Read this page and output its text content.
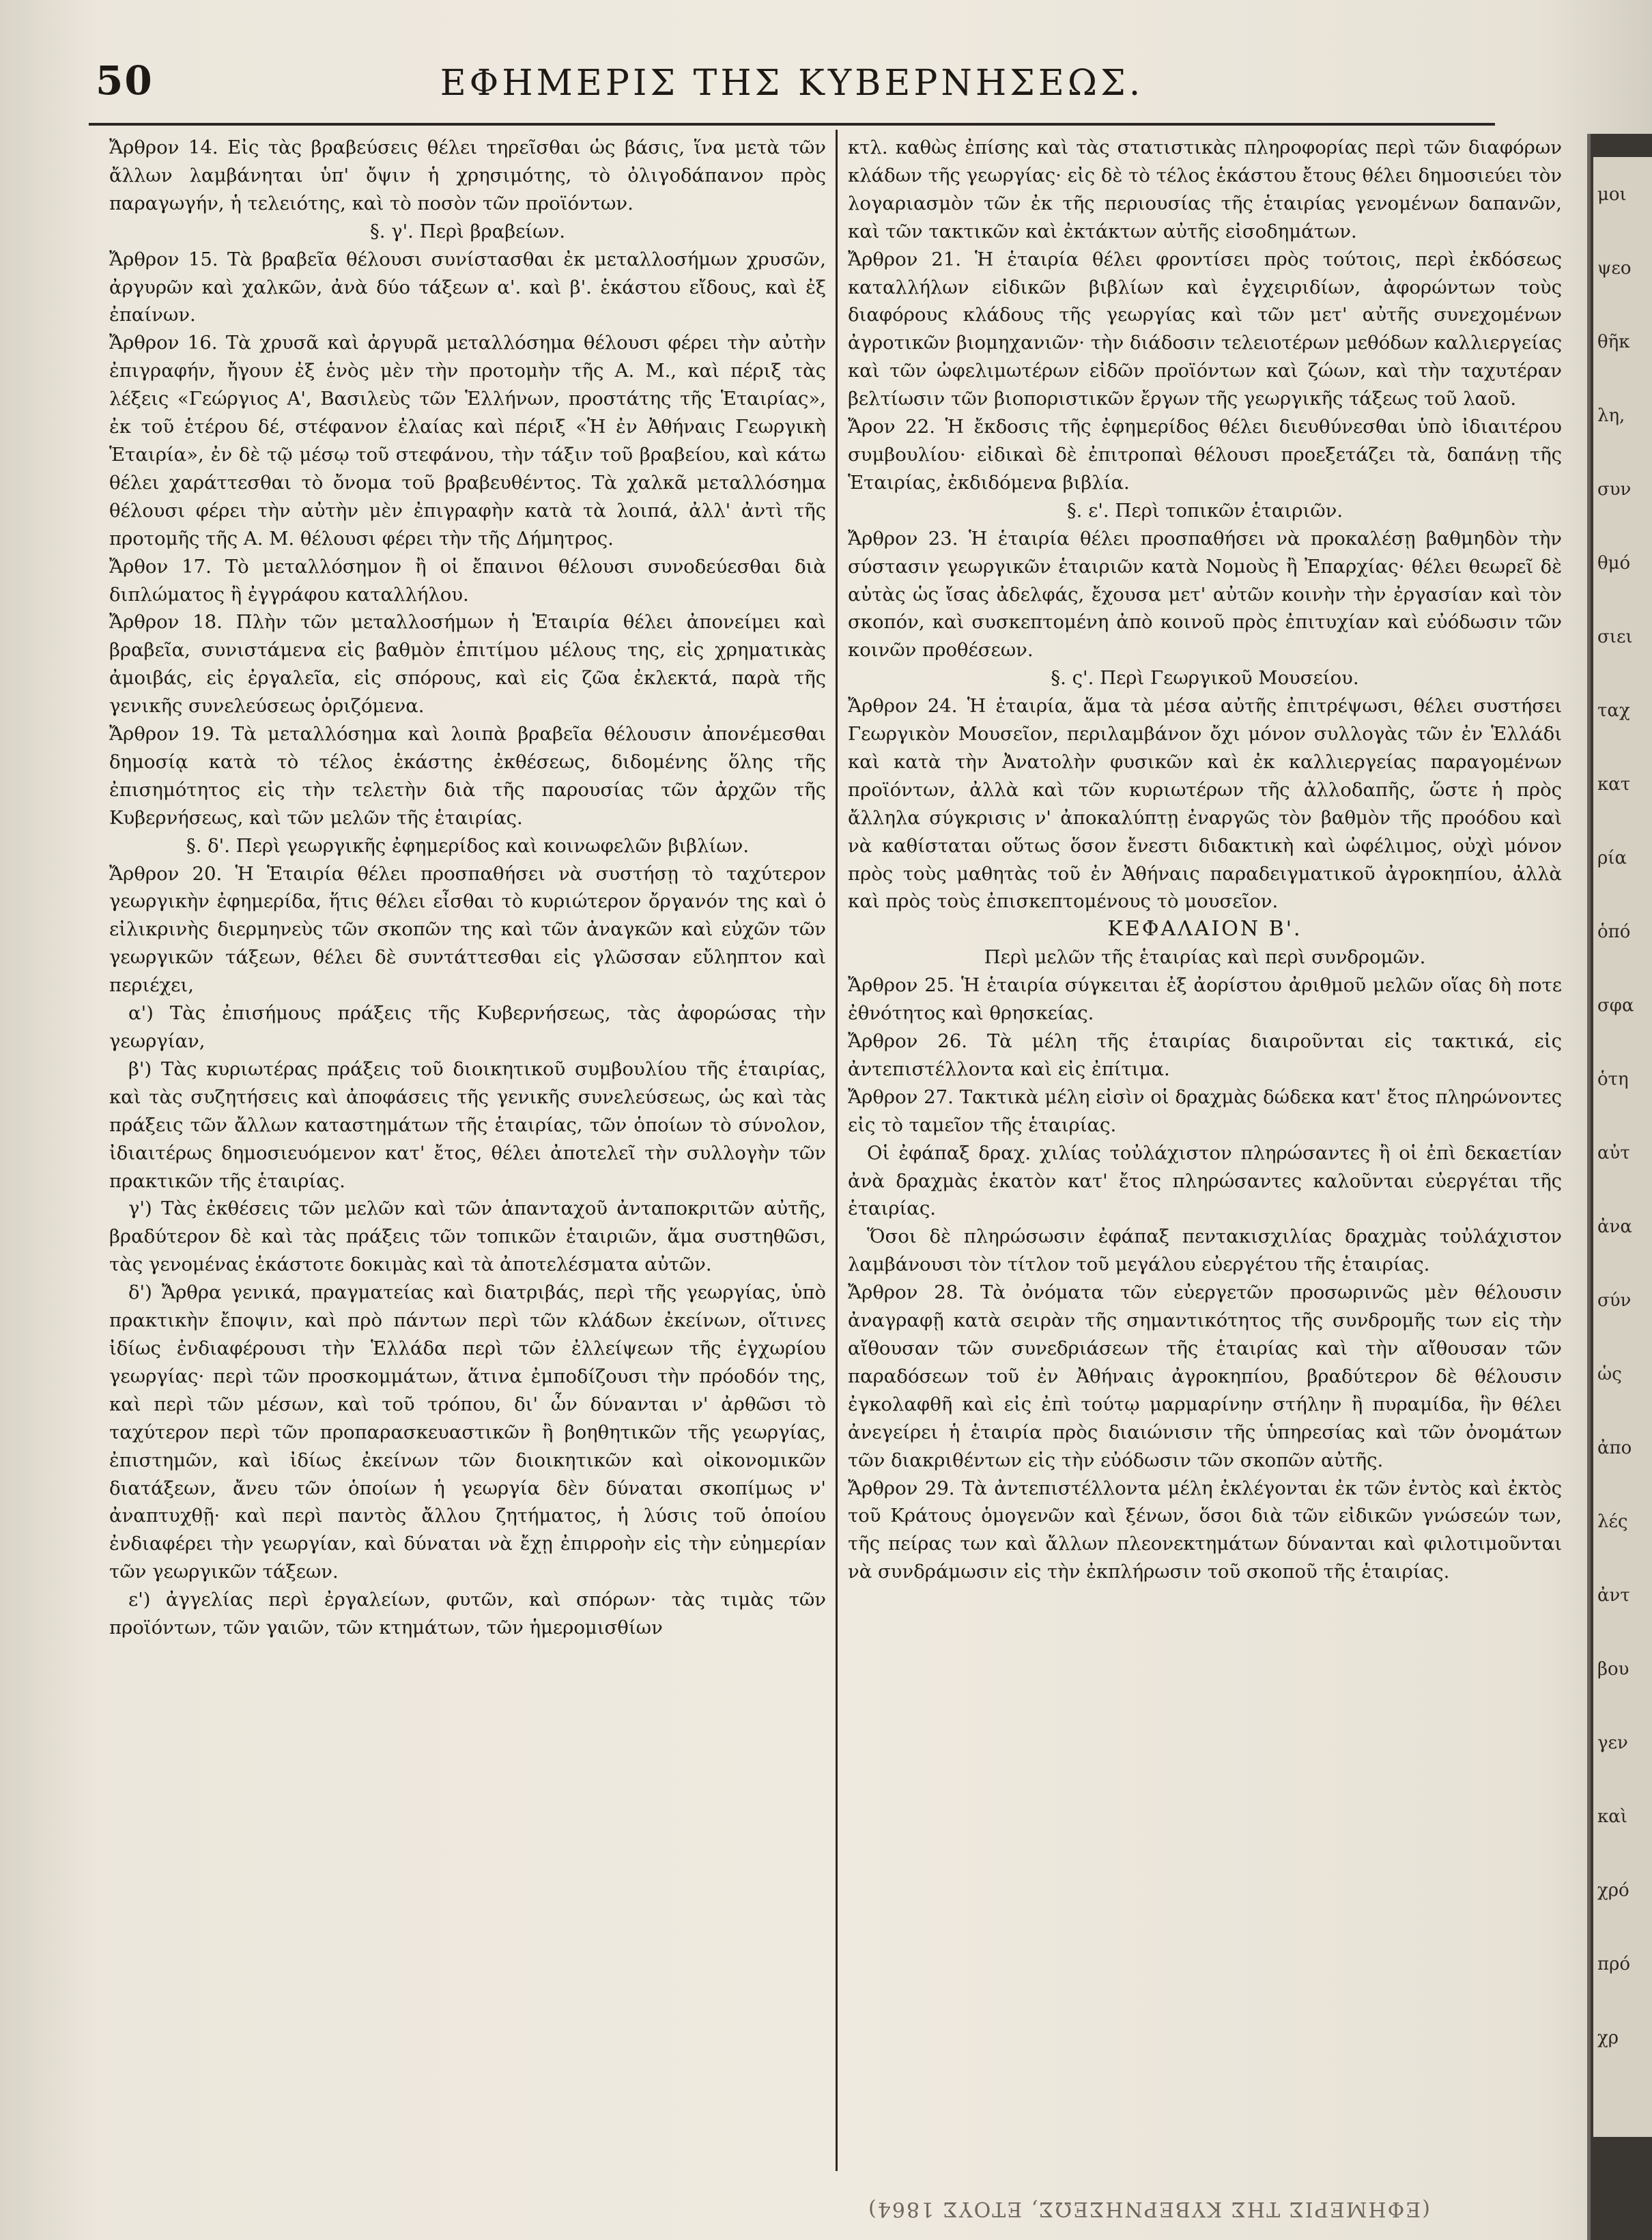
50	ΕΦΗΜΕΡΙΣ ΤΗΣ ΚΥΒΕΡΝΗΣΕΩΣ.

Ἄρθρον 14. Εἰς τὰς βραβεύσεις θέλει τηρεῖσθαι ὡς βάσις, ἵνα μετὰ τῶν ἄλλων λαμβάνηται ὑπ' ὄψιν ἡ χρησιμότης, τὸ ὀλιγοδάπανον πρὸς παραγωγήν, ἡ τελειότης, καὶ τὸ ποσὸν τῶν προϊόντων.

§. γ'. Περὶ βραβείων.

Ἄρθρον 15. Τὰ βραβεῖα θέλουσι συνίστασθαι ἐκ μεταλλοσήμων χρυσῶν, ἀργυρῶν καὶ χαλκῶν, ἀνὰ δύο τάξεων α'. καὶ β'. ἑκάστου εἴδους, καὶ ἐξ ἐπαίνων.

Ἄρθρον 16. Τὰ χρυσᾶ καὶ ἀργυρᾶ μεταλλόσημα θέλουσι φέρει τὴν αὐτὴν ἐπιγραφήν, ἤγουν ἐξ ἑνὸς μὲν τὴν προτομὴν τῆς Α. Μ., καὶ πέριξ τὰς λέξεις «Γεώργιος Α', Βασιλεὺς τῶν Ἑλλήνων, προστάτης τῆς Ἑταιρίας», ἐκ τοῦ ἑτέρου δέ, στέφανον ἐλαίας καὶ πέριξ «Ἡ ἐν Ἀθήναις Γεωργικὴ Ἑταιρία», ἐν δὲ τῷ μέσῳ τοῦ στεφάνου, τὴν τάξιν τοῦ βραβείου, καὶ κάτω θέλει χαράττεσθαι τὸ ὄνομα τοῦ βραβευθέντος. Τὰ χαλκᾶ μεταλλόσημα θέλουσι φέρει τὴν αὐτὴν μὲν ἐπιγραφὴν κατὰ τὰ λοιπά, ἀλλ' ἀντὶ τῆς προτομῆς τῆς Α. Μ. θέλουσι φέρει τὴν τῆς Δήμητρος.

Ἄρθον 17. Τὸ μεταλλόσημον ἢ οἱ ἔπαινοι θέλουσι συνοδεύεσθαι διὰ διπλώματος ἢ ἐγγράφου καταλλήλου.

Ἄρθρον 18. Πλὴν τῶν μεταλλοσήμων ἡ Ἑταιρία θέλει ἀπονείμει καὶ βραβεῖα, συνιστάμενα εἰς βαθμὸν ἐπιτίμου μέλους της, εἰς χρηματικὰς ἀμοιβάς, εἰς ἐργαλεῖα, εἰς σπόρους, καὶ εἰς ζῶα ἐκλεκτά, παρὰ τῆς γενικῆς συνελεύσεως ὁριζόμενα.

Ἄρθρον 19. Τὰ μεταλλόσημα καὶ λοιπὰ βραβεῖα θέλουσιν ἀπονέμεσθαι δημοσίᾳ κατὰ τὸ τέλος ἑκάστης ἐκθέσεως, διδομένης ὅλης τῆς ἐπισημότητος εἰς τὴν τελετὴν διὰ τῆς παρουσίας τῶν ἀρχῶν τῆς Κυβερνήσεως, καὶ τῶν μελῶν τῆς ἑταιρίας.

§. δ'. Περὶ γεωργικῆς ἐφημερίδος καὶ κοινωφελῶν βιβλίων.

Ἄρθρον 20. Ἡ Ἑταιρία θέλει προσπαθήσει νὰ συστήσῃ τὸ ταχύτερον γεωργικὴν ἐφημερίδα, ἥτις θέλει εἶσθαι τὸ κυριώτερον ὄργανόν της καὶ ὁ εἰλικρινὴς διερμηνεὺς τῶν σκοπῶν της καὶ τῶν ἀναγκῶν καὶ εὐχῶν τῶν γεωργικῶν τάξεων, θέλει δὲ συντάττεσθαι εἰς γλῶσσαν εὔληπτον καὶ περιέχει,

α') Τὰς ἐπισήμους πράξεις τῆς Κυβερνήσεως, τὰς ἀφορώσας τὴν γεωργίαν,

β') Τὰς κυριωτέρας πράξεις τοῦ διοικητικοῦ συμβουλίου τῆς ἑταιρίας, καὶ τὰς συζητήσεις καὶ ἀποφάσεις τῆς γενικῆς συνελεύσεως, ὡς καὶ τὰς πράξεις τῶν ἄλλων καταστημάτων τῆς ἑταιρίας, τῶν ὁποίων τὸ σύνολον, ἰδιαιτέρως δημοσιευόμενον κατ' ἔτος, θέλει ἀποτελεῖ τὴν συλλογὴν τῶν πρακτικῶν τῆς ἑταιρίας.

γ') Τὰς ἐκθέσεις τῶν μελῶν καὶ τῶν ἁπανταχοῦ ἀνταποκριτῶν αὐτῆς, βραδύτερον δὲ καὶ τὰς πράξεις τῶν τοπικῶν ἑταιριῶν, ἅμα συστηθῶσι, τὰς γενομένας ἑκάστοτε δοκιμὰς καὶ τὰ ἀποτελέσματα αὐτῶν.

δ') Ἄρθρα γενικά, πραγματείας καὶ διατριβάς, περὶ τῆς γεωργίας, ὑπὸ πρακτικὴν ἔποψιν, καὶ πρὸ πάντων περὶ τῶν κλάδων ἐκείνων, οἵτινες ἰδίως ἐνδιαφέρουσι τὴν Ἑλλάδα περὶ τῶν ἐλλείψεων τῆς ἐγχωρίου γεωργίας· περὶ τῶν προσκομμάτων, ἅτινα ἐμποδίζουσι τὴν πρόοδόν της, καὶ περὶ τῶν μέσων, καὶ τοῦ τρόπου, δι' ὧν δύνανται ν' ἀρθῶσι τὸ ταχύτερον περὶ τῶν προπαρασκευαστικῶν ἢ βοηθητικῶν τῆς γεωργίας, ἐπιστημῶν, καὶ ἰδίως ἐκείνων τῶν διοικητικῶν καὶ οἰκονομικῶν διατάξεων, ἄνευ τῶν ὁποίων ἡ γεωργία δὲν δύναται σκοπίμως ν' ἀναπτυχθῇ· καὶ περὶ παντὸς ἄλλου ζητήματος, ἡ λύσις τοῦ ὁποίου ἐνδιαφέρει τὴν γεωργίαν, καὶ δύναται νὰ ἔχῃ ἐπιρροὴν εἰς τὴν εὐημερίαν τῶν γεωργικῶν τάξεων.

ε') ἀγγελίας περὶ ἐργαλείων, φυτῶν, καὶ σπόρων· τὰς τιμὰς τῶν προϊόντων, τῶν γαιῶν, τῶν κτημάτων, τῶν ἡμερομισθίων

κτλ. καθὼς ἐπίσης καὶ τὰς στατιστικὰς πληροφορίας περὶ τῶν διαφόρων κλάδων τῆς γεωργίας· εἰς δὲ τὸ τέλος ἑκάστου ἔτους θέλει δημοσιεύει τὸν λογαριασμὸν τῶν ἐκ τῆς περιουσίας τῆς ἑταιρίας γενομένων δαπανῶν, καὶ τῶν τακτικῶν καὶ ἐκτάκτων αὐτῆς εἰσοδημάτων.

Ἄρθρον 21. Ἡ ἑταιρία θέλει φροντίσει πρὸς τούτοις, περὶ ἐκδόσεως καταλλήλων εἰδικῶν βιβλίων καὶ ἐγχειριδίων, ἀφορώντων τοὺς διαφόρους κλάδους τῆς γεωργίας καὶ τῶν μετ' αὐτῆς συνεχομένων ἀγροτικῶν βιομηχανιῶν· τὴν διάδοσιν τελειοτέρων μεθόδων καλλιεργείας καὶ τῶν ὠφελιμωτέρων εἰδῶν προϊόντων καὶ ζώων, καὶ τὴν ταχυτέραν βελτίωσιν τῶν βιοποριστικῶν ἔργων τῆς γεωργικῆς τάξεως τοῦ λαοῦ.

Ἄρον 22. Ἡ ἔκδοσις τῆς ἐφημερίδος θέλει διευθύνεσθαι ὑπὸ ἰδιαιτέρου συμβουλίου· εἰδικαὶ δὲ ἐπιτροπαὶ θέλουσι προεξετάζει τὰ, δαπάνῃ τῆς Ἑταιρίας, ἐκδιδόμενα βιβλία.

§. ε'. Περὶ τοπικῶν ἑταιριῶν.

Ἄρθρον 23. Ἡ ἑταιρία θέλει προσπαθήσει νὰ προκαλέσῃ βαθμηδὸν τὴν σύστασιν γεωργικῶν ἑταιριῶν κατὰ Νομοὺς ἢ Ἐπαρχίας· θέλει θεωρεῖ δὲ αὐτὰς ὡς ἴσας ἀδελφάς, ἔχουσα μετ' αὐτῶν κοινὴν τὴν ἐργασίαν καὶ τὸν σκοπόν, καὶ συσκεπτομένη ἀπὸ κοινοῦ πρὸς ἐπιτυχίαν καὶ εὐόδωσιν τῶν κοινῶν προθέσεων.

§. ς'. Περὶ Γεωργικοῦ Μουσείου.

Ἄρθρον 24. Ἡ ἑταιρία, ἅμα τὰ μέσα αὐτῆς ἐπιτρέψωσι, θέλει συστήσει Γεωργικὸν Μουσεῖον, περιλαμβάνον ὄχι μόνον συλλογὰς τῶν ἐν Ἑλλάδι καὶ κατὰ τὴν Ἀνατολὴν φυσικῶν καὶ ἐκ καλλιεργείας παραγομένων προϊόντων, ἀλλὰ καὶ τῶν κυριωτέρων τῆς ἀλλοδαπῆς, ὥστε ἡ πρὸς ἄλληλα σύγκρισις ν' ἀποκαλύπτῃ ἐναργῶς τὸν βαθμὸν τῆς προόδου καὶ νὰ καθίσταται οὕτως ὅσον ἔνεστι διδακτικὴ καὶ ὠφέλιμος, οὐχὶ μόνον πρὸς τοὺς μαθητὰς τοῦ ἐν Ἀθήναις παραδειγματικοῦ ἀγροκηπίου, ἀλλὰ καὶ πρὸς τοὺς ἐπισκεπτομένους τὸ μουσεῖον.

ΚΕΦΑΛΑΙΟΝ Β'.

Περὶ μελῶν τῆς ἑταιρίας καὶ περὶ συνδρομῶν.

Ἄρθρον 25. Ἡ ἑταιρία σύγκειται ἐξ ἀορίστου ἀριθμοῦ μελῶν οἵας δὴ ποτε ἐθνότητος καὶ θρησκείας.

Ἄρθρον 26. Τὰ μέλη τῆς ἑταιρίας διαιροῦνται εἰς τακτικά, εἰς ἀντεπιστέλλοντα καὶ εἰς ἐπίτιμα.

Ἄρθρον 27. Τακτικὰ μέλη εἰσὶν οἱ δραχμὰς δώδεκα κατ' ἔτος πληρώνοντες εἰς τὸ ταμεῖον τῆς ἑταιρίας.

Οἱ ἐφάπαξ δραχ. χιλίας τοὐλάχιστον πληρώσαντες ἢ οἱ ἐπὶ δεκαετίαν ἀνὰ δραχμὰς ἑκατὸν κατ' ἔτος πληρώσαντες καλοῦνται εὐεργέται τῆς ἑταιρίας.

Ὅσοι δὲ πληρώσωσιν ἐφάπαξ πεντακισχιλίας δραχμὰς τοὐλάχιστον λαμβάνουσι τὸν τίτλον τοῦ μεγάλου εὐεργέτου τῆς ἑταιρίας.

Ἄρθρον 28. Τὰ ὀνόματα τῶν εὐεργετῶν προσωρινῶς μὲν θέλουσιν ἀναγραφῇ κατὰ σειρὰν τῆς σημαντικότητος τῆς συνδρομῆς των εἰς τὴν αἴθουσαν τῶν συνεδριάσεων τῆς ἑταιρίας καὶ τὴν αἴθουσαν τῶν παραδόσεων τοῦ ἐν Ἀθήναις ἀγροκηπίου, βραδύτερον δὲ θέλουσιν ἐγκολαφθῆ καὶ εἰς ἐπὶ τούτῳ μαρμαρίνην στήλην ἢ πυραμίδα, ἣν θέλει ἀνεγείρει ἡ ἑταιρία πρὸς διαιώνισιν τῆς ὑπηρεσίας καὶ τῶν ὀνομάτων τῶν διακριθέντων εἰς τὴν εὐόδωσιν τῶν σκοπῶν αὐτῆς.

Ἄρθρον 29. Τὰ ἀντεπιστέλλοντα μέλη ἐκλέγονται ἐκ τῶν ἐντὸς καὶ ἐκτὸς τοῦ Κράτους ὁμογενῶν καὶ ξένων, ὅσοι διὰ τῶν εἰδικῶν γνώσεών των, τῆς πείρας των καὶ ἄλλων πλεονεκτημάτων δύνανται καὶ φιλοτιμοῦνται νὰ συνδράμωσιν εἰς τὴν ἐκπλήρωσιν τοῦ σκοποῦ τῆς ἑταιρίας.

μοι
ψεο
θῆκ
λη,
συν
θμό
σιει
ταχ
κατ
ρία
ὁπό
σφα
ὁτη
αὐτ
ἀνα
σύν
ὡς
ἀπο
λές
ἀντ
βου
γεν
καὶ
χρό
πρό
χρ
(ΕΦΗΜΕΡΙΣ ΤΗΣ ΚΥΒΕΡΝΗΣΕΩΣ, ΕΤΟΥΣ 1864)
